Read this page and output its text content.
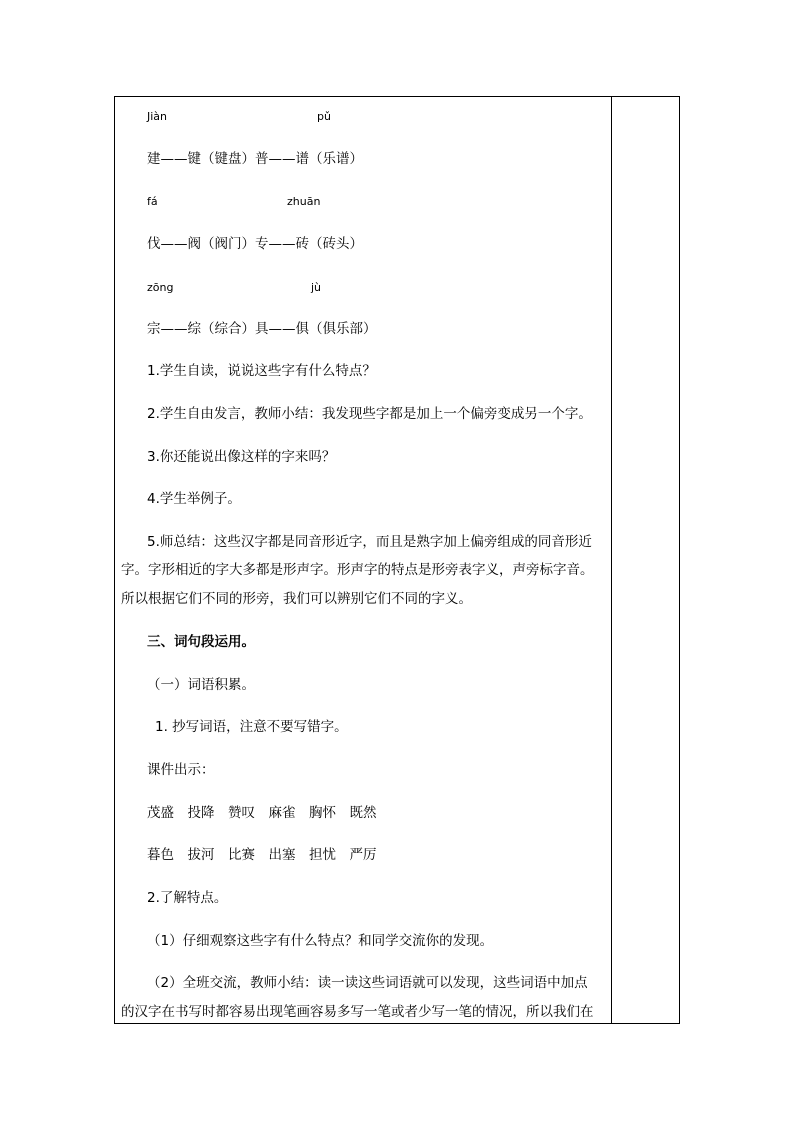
Jiàn	pǔ
建——键（键盘）普——谱（乐谱）
fá	zhuān
伐——阀（阀门）专——砖（砖头）
zōng	jù
宗——综（综合）具——俱（俱乐部）
1.学生自读，说说这些字有什么特点？
2.学生自由发言，教师小结：我发现些字都是加上一个偏旁变成另一个字。
3.你还能说出像这样的字来吗？
4.学生举例子。
5.师总结：这些汉字都是同音形近字，而且是熟字加上偏旁组成的同音形近
字。字形相近的字大多都是形声字。形声字的特点是形旁表字义，声旁标字音。
所以根据它们不同的形旁，我们可以辨别它们不同的字义。
三、词句段运用。
（一）词语积累。
1. 抄写词语，注意不要写错字。
课件出示：
茂盛　投降　赞叹　麻雀　胸怀　既然
暮色　拔河　比赛　出塞　担忧　严厉
2.了解特点。
（1）仔细观察这些字有什么特点？和同学交流你的发现。
（2）全班交流，教师小结：读一读这些词语就可以发现，这些词语中加点
的汉字在书写时都容易出现笔画容易多写一笔或者少写一笔的情况，所以我们在
